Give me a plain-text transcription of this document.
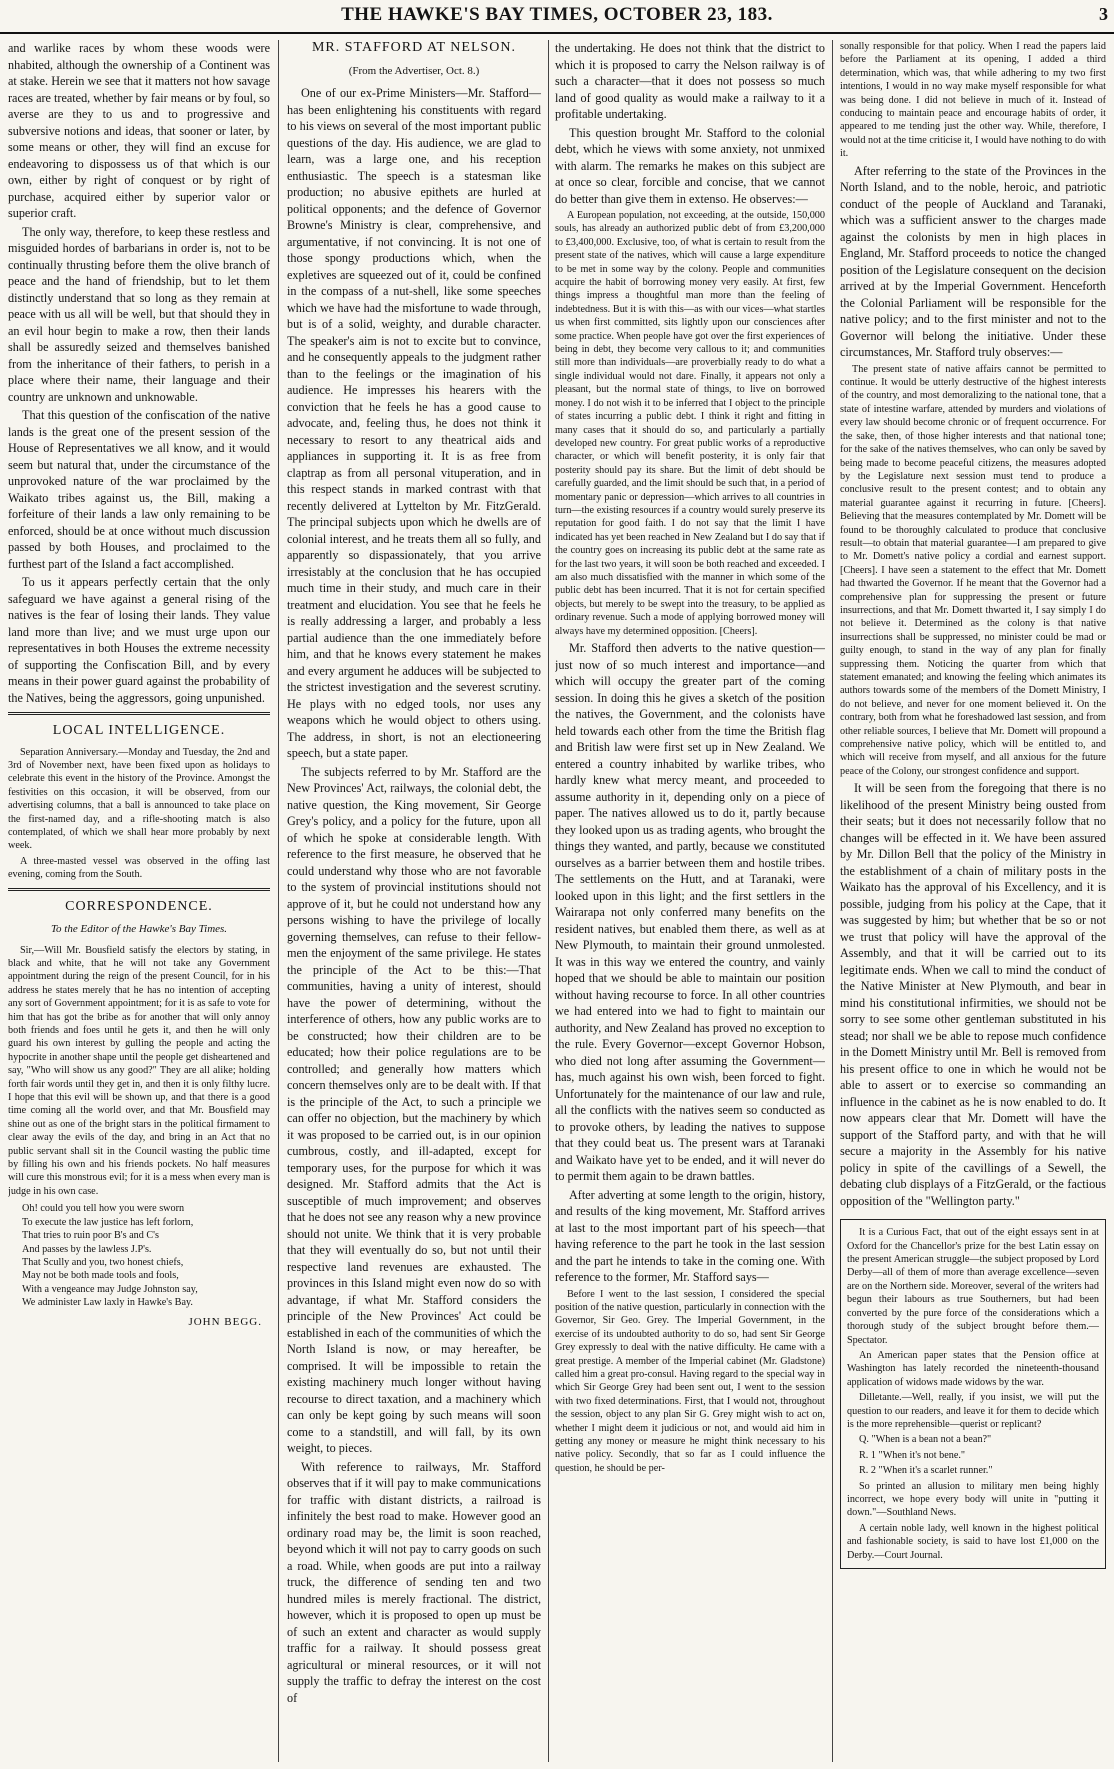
THE HAWKE'S BAY TIMES, OCTOBER 23, 183.	3

and warlike races by whom these woods were nhabited, although the ownership of a Continent was at stake. Herein we see that it matters not how savage races are treated, whether by fair means or by foul, so averse are they to us and to progressive and subversive notions and ideas, that sooner or later, by some means or other, they will find an excuse for endeavoring to dispossess us of that which is our own, either by right of conquest or by right of purchase, acquired either by superior valor or superior craft.

The only way, therefore, to keep these restless and misguided hordes of barbarians in order is, not to be continually thrusting before them the olive branch of peace and the hand of friendship, but to let them distinctly understand that so long as they remain at peace with us all will be well, but that should they in an evil hour begin to make a row, then their lands shall be assuredly seized and themselves banished from the inheritance of their fathers, to perish in a place where their name, their language and their country are unknown and unknowable.

That this question of the confiscation of the native lands is the great one of the present session of the House of Representatives we all know, and it would seem but natural that, under the circumstance of the unprovoked nature of the war proclaimed by the Waikato tribes against us, the Bill, making a forfeiture of their lands a law only remaining to be enforced, should be at once without much discussion passed by both Houses, and proclaimed to the furthest part of the Island a fact accomplished.

To us it appears perfectly certain that the only safeguard we have against a general rising of the natives is the fear of losing their lands. They value land more than live; and we must urge upon our representatives in both Houses the extreme necessity of supporting the Confiscation Bill, and by every means in their power guard against the probability of the Natives, being the aggressors, going unpunished.

LOCAL INTELLIGENCE.

Separation Anniversary.—Monday and Tuesday, the 2nd and 3rd of November next, have been fixed upon as holidays to celebrate this event in the history of the Province. Amongst the festivities on this occasion, it will be observed, from our advertising columns, that a ball is announced to take place on the first-named day, and a rifle-shooting match is also contemplated, of which we shall hear more probably by next week.

A three-masted vessel was observed in the offing last evening, coming from the South.

CORRESPONDENCE.
To the Editor of the Hawke's Bay Times.

Sir,—Will Mr. Bousfield satisfy the electors by stating, in black and white, that he will not take any Government appointment during the reign of the present Council, for in his address he states merely that he has no intention of accepting any sort of Government appointment; for it is as safe to vote for him that has got the bribe as for another that will only annoy both friends and foes until he gets it, and then he will only guard his own interest by gulling the people and acting the hypocrite in another shape until the people get disheartened and say, "Who will show us any good?" They are all alike; holding forth fair words until they get in, and then it is only filthy lucre. I hope that this evil will be shown up, and that there is a good time coming all the world over, and that Mr. Bousfield may shine out as one of the bright stars in the political firmament to clear away the evils of the day, and bring in an Act that no public servant shall sit in the Council wasting the public time by filling his own and his friends pockets. No half measures will cure this monstrous evil; for it is a mess when every man is judge in his own case.

Oh! could you tell how you were sworn
To execute the law justice has left forlorn,
That tries to ruin poor B's and C's
And passes by the lawless J.P's.
That Scully and you, two honest chiefs,
May not be both made tools and fools,
With a vengeance may Judge Johnston say,
We administer Law laxly in Hawke's Bay.
JOHN BEGG.
MR. STAFFORD AT NELSON.
(From the Advertiser, Oct. 8.)

One of our ex-Prime Ministers—Mr. Stafford—has been enlightening his constituents with regard to his views on several of the most important public questions of the day. His audience, we are glad to learn, was a large one, and his reception enthusiastic. The speech is a statesman like production; no abusive epithets are hurled at political opponents; and the defence of Governor Browne's Ministry is clear, comprehensive, and argumentative, if not convincing. It is not one of those spongy productions which, when the expletives are squeezed out of it, could be confined in the compass of a nut-shell, like some speeches which we have had the misfortune to wade through, but is of a solid, weighty, and durable character. The speaker's aim is not to excite but to convince, and he consequently appeals to the judgment rather than to the feelings or the imagination of his audience. He impresses his hearers with the conviction that he feels he has a good cause to advocate, and, feeling thus, he does not think it necessary to resort to any theatrical aids and appliances in supporting it. It is as free from claptrap as from all personal vituperation, and in this respect stands in marked contrast with that recently delivered at Lyttelton by Mr. FitzGerald. The principal subjects upon which he dwells are of colonial interest, and he treats them all so fully, and apparently so dispassionately, that you arrive irresistably at the conclusion that he has occupied much time in their study, and much care in their treatment and elucidation. You see that he feels he is really addressing a larger, and probably a less partial audience than the one immediately before him, and that he knows every statement he makes and every argument he adduces will be subjected to the strictest investigation and the severest scrutiny. He plays with no edged tools, nor uses any weapons which he would object to others using. The address, in short, is not an electioneering speech, but a state paper.

The subjects referred to by Mr. Stafford are the New Provinces' Act, railways, the colonial debt, the native question, the King movement, Sir George Grey's policy, and a policy for the future, upon all of which he spoke at considerable length. With reference to the first measure, he observed that he could understand why those who are not favorable to the system of provincial institutions should not approve of it, but he could not understand how any persons wishing to have the privilege of locally governing themselves, can refuse to their fellow-men the enjoyment of the same privilege. He states the principle of the Act to be this:—That communities, having a unity of interest, should have the power of determining, without the interference of others, how any public works are to be constructed; how their children are to be educated; how their police regulations are to be controlled; and generally how matters which concern themselves only are to be dealt with. If that is the principle of the Act, to such a principle we can offer no objection, but the machinery by which it was proposed to be carried out, is in our opinion cumbrous, costly, and ill-adapted, except for temporary uses, for the purpose for which it was designed. Mr. Stafford admits that the Act is susceptible of much improvement; and observes that he does not see any reason why a new province should not unite. We think that it is very probable that they will eventually do so, but not until their respective land revenues are exhausted. The provinces in this Island might even now do so with advantage, if what Mr. Stafford considers the principle of the New Provinces' Act could be established in each of the communities of which the North Island is now, or may hereafter, be comprised. It will be impossible to retain the existing machinery much longer without having recourse to direct taxation, and a machinery which can only be kept going by such means will soon come to a standstill, and will fall, by its own weight, to pieces.

With reference to railways, Mr. Stafford observes that if it will pay to make communications for traffic with distant districts, a railroad is infinitely the best road to make. However good an ordinary road may be, the limit is soon reached, beyond which it will not pay to carry goods on such a road. While, when goods are put into a railway truck, the difference of sending ten and two hundred miles is merely fractional. The district, however, which it is proposed to open up must be of such an extent and character as would supply traffic for a railway. It should possess great agricultural or mineral resources, or it will not supply the traffic to defray the interest on the cost of

the undertaking. He does not think that the district to which it is proposed to carry the Nelson railway is of such a character—that it does not possess so much land of good quality as would make a railway to it a profitable undertaking.

This question brought Mr. Stafford to the colonial debt, which he views with some anxiety, not unmixed with alarm. The remarks he makes on this subject are at once so clear, forcible and concise, that we cannot do better than give them in extenso. He observes:—

A European population, not exceeding, at the outside, 150,000 souls, has already an authorized public debt of from £3,200,000 to £3,400,000. Exclusive, too, of what is certain to result from the present state of the natives, which will cause a large expenditure to be met in some way by the colony. People and communities acquire the habit of borrowing money very easily. At first, few things impress a thoughtful man more than the feeling of indebtedness. But it is with this—as with our vices—what startles us when first committed, sits lightly upon our consciences after some practice. When people have got over the first experiences of being in debt, they become very callous to it; and communities still more than individuals—are proverbially ready to do what a single individual would not dare. Finally, it appears not only a pleasant, but the normal state of things, to live on borrowed money. I do not wish it to be inferred that I object to the principle of states incurring a public debt. I think it right and fitting in many cases that it should do so, and particularly a partially developed new country. For great public works of a reproductive character, or which will benefit posterity, it is only fair that posterity should pay its share. But the limit of debt should be carefully guarded, and the limit should be such that, in a period of momentary panic or depression—which arrives to all countries in turn—the existing resources if a country would surely preserve its reputation for good faith. I do not say that the limit I have indicated has yet been reached in New Zealand but I do say that if the country goes on increasing its public debt at the same rate as for the last two years, it will soon be both reached and exceeded. I am also much dissatisfied with the manner in which some of the public debt has been incurred. That it is not for certain specified objects, but merely to be swept into the treasury, to be applied as ordinary revenue. Such a mode of applying borrowed money will always have my determined opposition. [Cheers].

Mr. Stafford then adverts to the native question—just now of so much interest and importance—and which will occupy the greater part of the coming session. In doing this he gives a sketch of the position the natives, the Government, and the colonists have held towards each other from the time the British flag and British law were first set up in New Zealand. We entered a country inhabited by warlike tribes, who hardly knew what mercy meant, and proceeded to assume authority in it, depending only on a piece of paper. The natives allowed us to do it, partly because they looked upon us as trading agents, who brought the things they wanted, and partly, because we constituted ourselves as a barrier between them and hostile tribes. The settlements on the Hutt, and at Taranaki, were looked upon in this light; and the first settlers in the Wairarapa not only conferred many benefits on the resident natives, but enabled them there, as well as at New Plymouth, to maintain their ground unmolested. It was in this way we entered the country, and vainly hoped that we should be able to maintain our position without having recourse to force. In all other countries we had entered into we had to fight to maintain our authority, and New Zealand has proved no exception to the rule. Every Governor—except Governor Hobson, who died not long after assuming the Government—has, much against his own wish, been forced to fight. Unfortunately for the maintenance of our law and rule, all the conflicts with the natives seem so conducted as to provoke others, by leading the natives to suppose that they could beat us. The present wars at Taranaki and Waikato have yet to be ended, and it will never do to permit them again to be drawn battles.

After adverting at some length to the origin, history, and results of the king movement, Mr. Stafford arrives at last to the most important part of his speech—that having reference to the part he took in the last session and the part he intends to take in the coming one. With reference to the former, Mr. Stafford says—

Before I went to the last session, I considered the special position of the native question, particularly in connection with the Governor, Sir Geo. Grey. The Imperial Government, in the exercise of its undoubted authority to do so, had sent Sir George Grey expressly to deal with the native difficulty. He came with a great prestige. A member of the Imperial cabinet (Mr. Gladstone) called him a great pro-consul. Having regard to the special way in which Sir George Grey had been sent out, I went to the session with two fixed determinations. First, that I would not, throughout the session, object to any plan Sir G. Grey might wish to act on, whether I might deem it judicious or not, and would aid him in getting any money or measure he might think necessary to his native policy. Secondly, that so far as I could influence the question, he should be per-

sonally responsible for that policy. When I read the papers laid before the Parliament at its opening, I added a third determination, which was, that while adhering to my two first intentions, I would in no way make myself responsible for what was being done. I did not believe in much of it. Instead of conducing to maintain peace and encourage habits of order, it appeared to me tending just the other way. While, therefore, I would not at the time criticise it, I would have nothing to do with it.

After referring to the state of the Provinces in the North Island, and to the noble, heroic, and patriotic conduct of the people of Auckland and Taranaki, which was a sufficient answer to the charges made against the colonists by men in high places in England, Mr. Stafford proceeds to notice the changed position of the Legislature consequent on the decision arrived at by the Imperial Government. Henceforth the Colonial Parliament will be responsible for the native policy; and to the first minister and not to the Governor will belong the initiative. Under these circumstances, Mr. Stafford truly observes:—

The present state of native affairs cannot be permitted to continue. It would be utterly destructive of the highest interests of the country, and most demoralizing to the national tone, that a state of intestine warfare, attended by murders and violations of every law should become chronic or of frequent occurrence. For the sake, then, of those higher interests and that national tone; for the sake of the natives themselves, who can only be saved by being made to become peaceful citizens, the measures adopted by the Legislature next session must tend to produce a conclusive result to the present contest; and to obtain any material guarantee against it recurring in future. [Cheers]. Believing that the measures contemplated by Mr. Domett will be found to be thoroughly calculated to produce that conclusive result—to obtain that material guarantee—I am prepared to give to Mr. Domett's native policy a cordial and earnest support. [Cheers]. I have seen a statement to the effect that Mr. Domett had thwarted the Governor. If he meant that the Governor had a comprehensive plan for suppressing the present or future insurrections, and that Mr. Domett thwarted it, I say simply I do not believe it. Determined as the colony is that native insurrections shall be suppressed, no minister could be mad or guilty enough, to stand in the way of any plan for finally suppressing them. Noticing the quarter from which that statement emanated; and knowing the feeling which animates its authors towards some of the members of the Domett Ministry, I do not believe, and never for one moment believed it. On the contrary, both from what he foreshadowed last session, and from other reliable sources, I believe that Mr. Domett will propound a comprehensive native policy, which will be entitled to, and which will receive from myself, and all anxious for the future peace of the Colony, our strongest confidence and support.

It will be seen from the foregoing that there is no likelihood of the present Ministry being ousted from their seats; but it does not necessarily follow that no changes will be effected in it. We have been assured by Mr. Dillon Bell that the policy of the Ministry in the establishment of a chain of military posts in the Waikato has the approval of his Excellency, and it is possible, judging from his policy at the Cape, that it was suggested by him; but whether that be so or not we trust that policy will have the approval of the Assembly, and that it will be carried out to its legitimate ends. When we call to mind the conduct of the Native Minister at New Plymouth, and bear in mind his constitutional infirmities, we should not be sorry to see some other gentleman substituted in his stead; nor shall we be able to repose much confidence in the Domett Ministry until Mr. Bell is removed from his present office to one in which he would not be able to assert or to exercise so commanding an influence in the cabinet as he is now enabled to do. It now appears clear that Mr. Domett will have the support of the Stafford party, and with that he will secure a majority in the Assembly for his native policy in spite of the cavillings of a Sewell, the debating club displays of a FitzGerald, or the factious opposition of the "Wellington party."

It is a Curious Fact, that out of the eight essays sent in at Oxford for the Chancellor's prize for the best Latin essay on the present American struggle—the subject proposed by Lord Derby—all of them of more than average excellence—seven are on the Northern side. Moreover, several of the writers had begun their labours as true Southerners, but had been converted by the pure force of the considerations which a thorough study of the subject brought before them.—Spectator.

An American paper states that the Pension office at Washington has lately recorded the nineteenth-thousand application of widows made widows by the war.

Dilletante.—Well, really, if you insist, we will put the question to our readers, and leave it for them to decide which is the more reprehensible—querist or replicant?

Q. "When is a bean not a bean?"

R. 1 "When it's not bene."

R. 2 "When it's a scarlet runner."

So printed an allusion to military men being highly incorrect, we hope every body will unite in "putting it down."—Southland News.

A certain noble lady, well known in the highest political and fashionable society, is said to have lost £1,000 on the Derby.—Court Journal.
